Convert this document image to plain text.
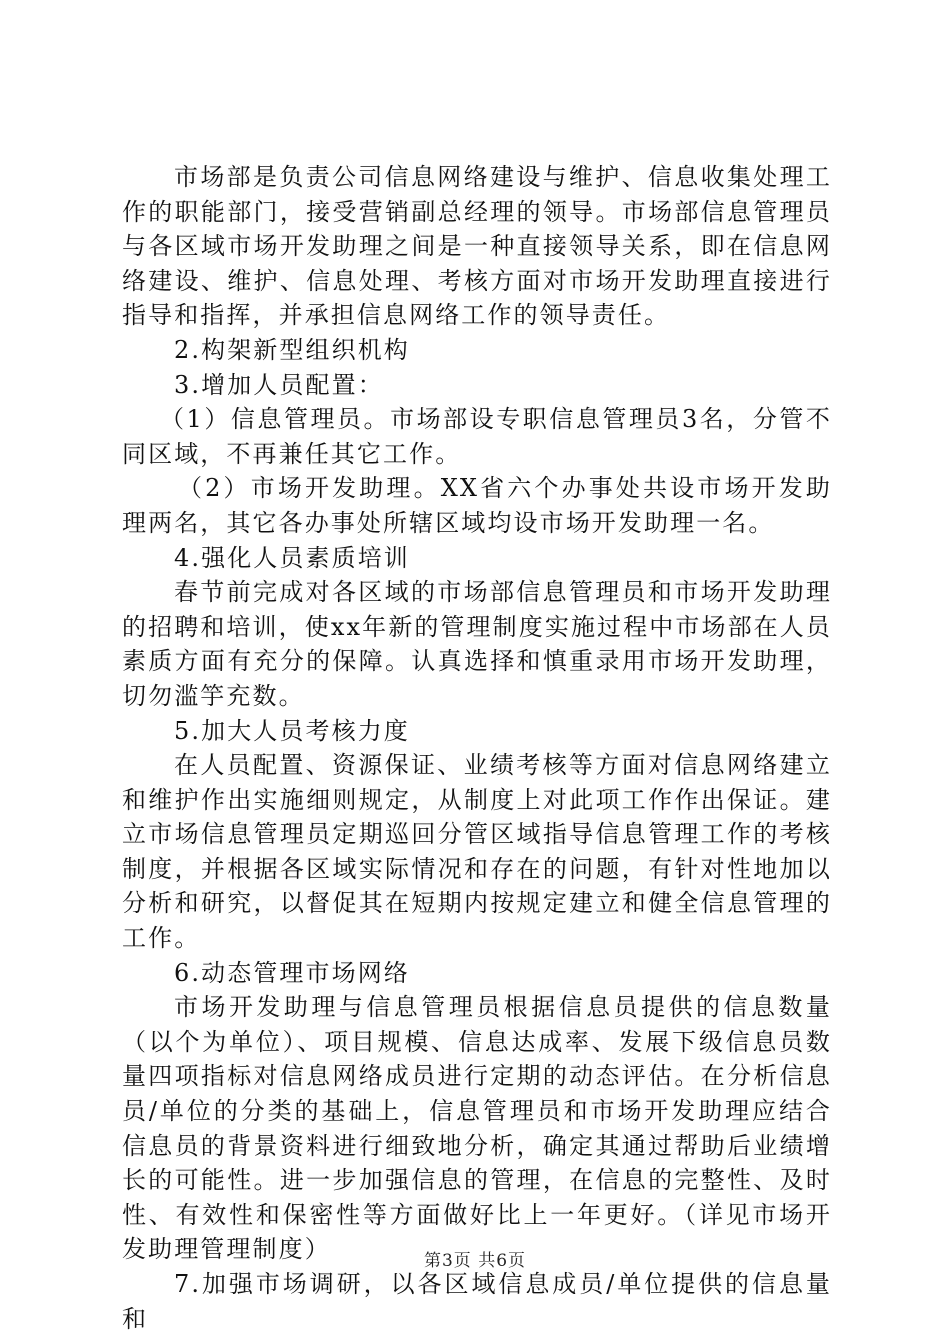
市场部是负责公司信息网络建设与维护、信息收集处理工作的职能部门，接受营销副总经理的领导。市场部信息管理员与各区域市场开发助理之间是一种直接领导关系，即在信息网络建设、维护、信息处理、考核方面对市场开发助理直接进行指导和指挥，并承担信息网络工作的领导责任。

2.构架新型组织机构

3.增加人员配置：

（1）信息管理员。市场部设专职信息管理员3名，分管不同区域，不再兼任其它工作。

（2）市场开发助理。XX省六个办事处共设市场开发助理两名，其它各办事处所辖区域均设市场开发助理一名。

4.强化人员素质培训

春节前完成对各区域的市场部信息管理员和市场开发助理的招聘和培训，使xx年新的管理制度实施过程中市场部在人员素质方面有充分的保障。认真选择和慎重录用市场开发助理，切勿滥竽充数。

5.加大人员考核力度

在人员配置、资源保证、业绩考核等方面对信息网络建立和维护作出实施细则规定，从制度上对此项工作作出保证。建立市场信息管理员定期巡回分管区域指导信息管理工作的考核制度，并根据各区域实际情况和存在的问题，有针对性地加以分析和研究，以督促其在短期内按规定建立和健全信息管理的工作。

6.动态管理市场网络

市场开发助理与信息管理员根据信息员提供的信息数量（以个为单位）、项目规模、信息达成率、发展下级信息员数量四项指标对信息网络成员进行定期的动态评估。在分析信息员/单位的分类的基础上，信息管理员和市场开发助理应结合信息员的背景资料进行细致地分析，确定其通过帮助后业绩增长的可能性。进一步加强信息的管理，在信息的完整性、及时性、有效性和保密性等方面做好比上一年更好。（详见市场开发助理管理制度）

7.加强市场调研，以各区域信息成员/单位提供的信息量和

第3页 共6页
